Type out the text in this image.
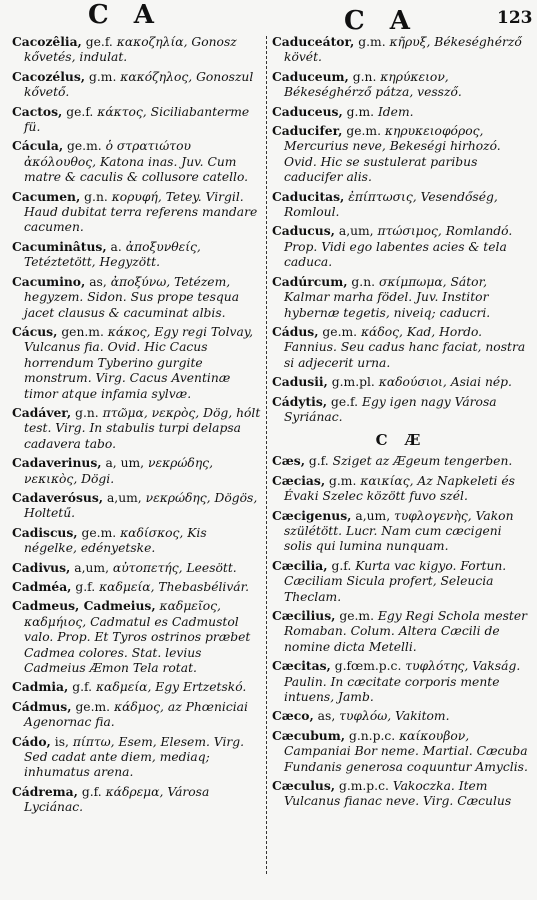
C A	C A	123

Cacozêlia, ge.f. κακοζηλία, Gonosz kővetés, indulat.

Cacozélus, g.m. κακόζηλος, Gonoszul kővető.

Cactos, ge.f. κάκτος, Siciliabanterme fü.

Cácula, ge.m. ὁ στρατιώτου ἀκόλουθος, Katona inas. Juv. Cum matre & caculis & collusore catello.

Cacumen, g.n. κορυφή, Tetey. Virgil. Haud dubitat terra referens mandare cacumen.

Cacuminâtus, a. ἀποξυνθείς, Tetéztetött, Hegyzött.

Cacumino, as, ἀποξύνω, Tetézem, hegyzem. Sidon. Sus prope tesqua jacet clausus & cacuminat albis.

Cácus, gen.m. κάκος, Egy regi Tolvay, Vulcanus fia. Ovid. Hic Cacus horrendum Tyberino gurgite monstrum. Virg. Cacus Aventinæ timor atque infamia sylvæ.

Cadáver, g.n. πτῶμα, νεκρὸς, Dög, hólt test. Virg. In stabulis turpi delapsa cadavera tabo.

Cadaverinus, a, um, νεκρώδης, νεκικὸς, Dögi.

Cadaverósus, a,um, νεκρώδης, Dögös, Holtetű.

Cadiscus, ge.m. καδίσκος, Kis négelke, edényetske.

Cadivus, a,um, αὐτοπετής, Leesött.

Cadméa, g.f. καδμεία, Thebasbélivár.

Cadmeus, Cadmeius, καδμεῖος, καδμήιος, Cadmatul es Cadmustol valo. Prop. Et Tyros ostrinos præbet Cadmea colores. Stat. levius Cadmeius Æmon Tela rotat.

Cadmia, g.f. καδμεία, Egy Ertzetskó.

Cádmus, ge.m. κάδμος, az Phœniciai Agenornac fia.

Cádo, is, πίπτω, Esem, Elesem. Virg. Sed cadat ante diem, mediaq; inhumatus arena.

Cádrema, g.f. κάδρεμα, Városa Lyciánac.

Caduceátor, g.m. κῆρυξ, Békeséghérző kövét.

Caduceum, g.n. κηρύκειον, Békeséghérző pátza, vessző.

Caduceus, g.m. Idem.

Caducifer, ge.m. κηρυκειοφόρος, Mercurius neve, Bekeségi hirhozó. Ovid. Hic se sustulerat paribus caducifer alis.

Caducitas, ἐπίπτωσις, Vesendőség, Romloul.

Caducus, a,um, πτώσιμος, Romlandó. Prop. Vidi ego labentes acies & tela caduca.

Cadúrcum, g.n. σκίμπωμα, Sátor, Kalmar marha födel. Juv. Institor hybernæ tegetis, niveiq; caducri.

Cádus, ge.m. κάδος, Kad, Hordo. Fannius. Seu cadus hanc faciat, nostra si adjecerit urna.

Cadusii, g.m.pl. καδούσιοι, Asiai nép.

Cádytis, ge.f. Egy igen nagy Városa Syriánac.

C Æ

Cæs, g.f. Sziget az Ægeum tengerben.

Cæcias, g.m. καικίας, Az Napkeleti és Évaki Szelec között fuvo szél.

Cæcigenus, a,um, τυφλογενὴς, Vakon szülétött. Lucr. Nam cum cæcigeni solis qui lumina nunquam.

Cæcilia, g.f. Kurta vac kigyo. Fortun. Cæciliam Sicula profert, Seleucia Theclam.

Cæcilius, ge.m. Egy Regi Schola mester Romaban. Colum. Altera Cæcili de nomine dicta Metelli.

Cæcitas, g.fœm.p.c. τυφλότης, Vakság. Paulin. In cæcitate corporis mente intuens, Jamb.

Cæco, as, τυφλόω, Vakitom.

Cæcubum, g.n.p.c. καίκουβον, Campaniai Bor neme. Martial. Cæcuba Fundanis generosa coquuntur Amyclis.

Cæculus, g.m.p.c. Vakoczka. Item Vulcanus fianac neve. Virg. Cæculus
